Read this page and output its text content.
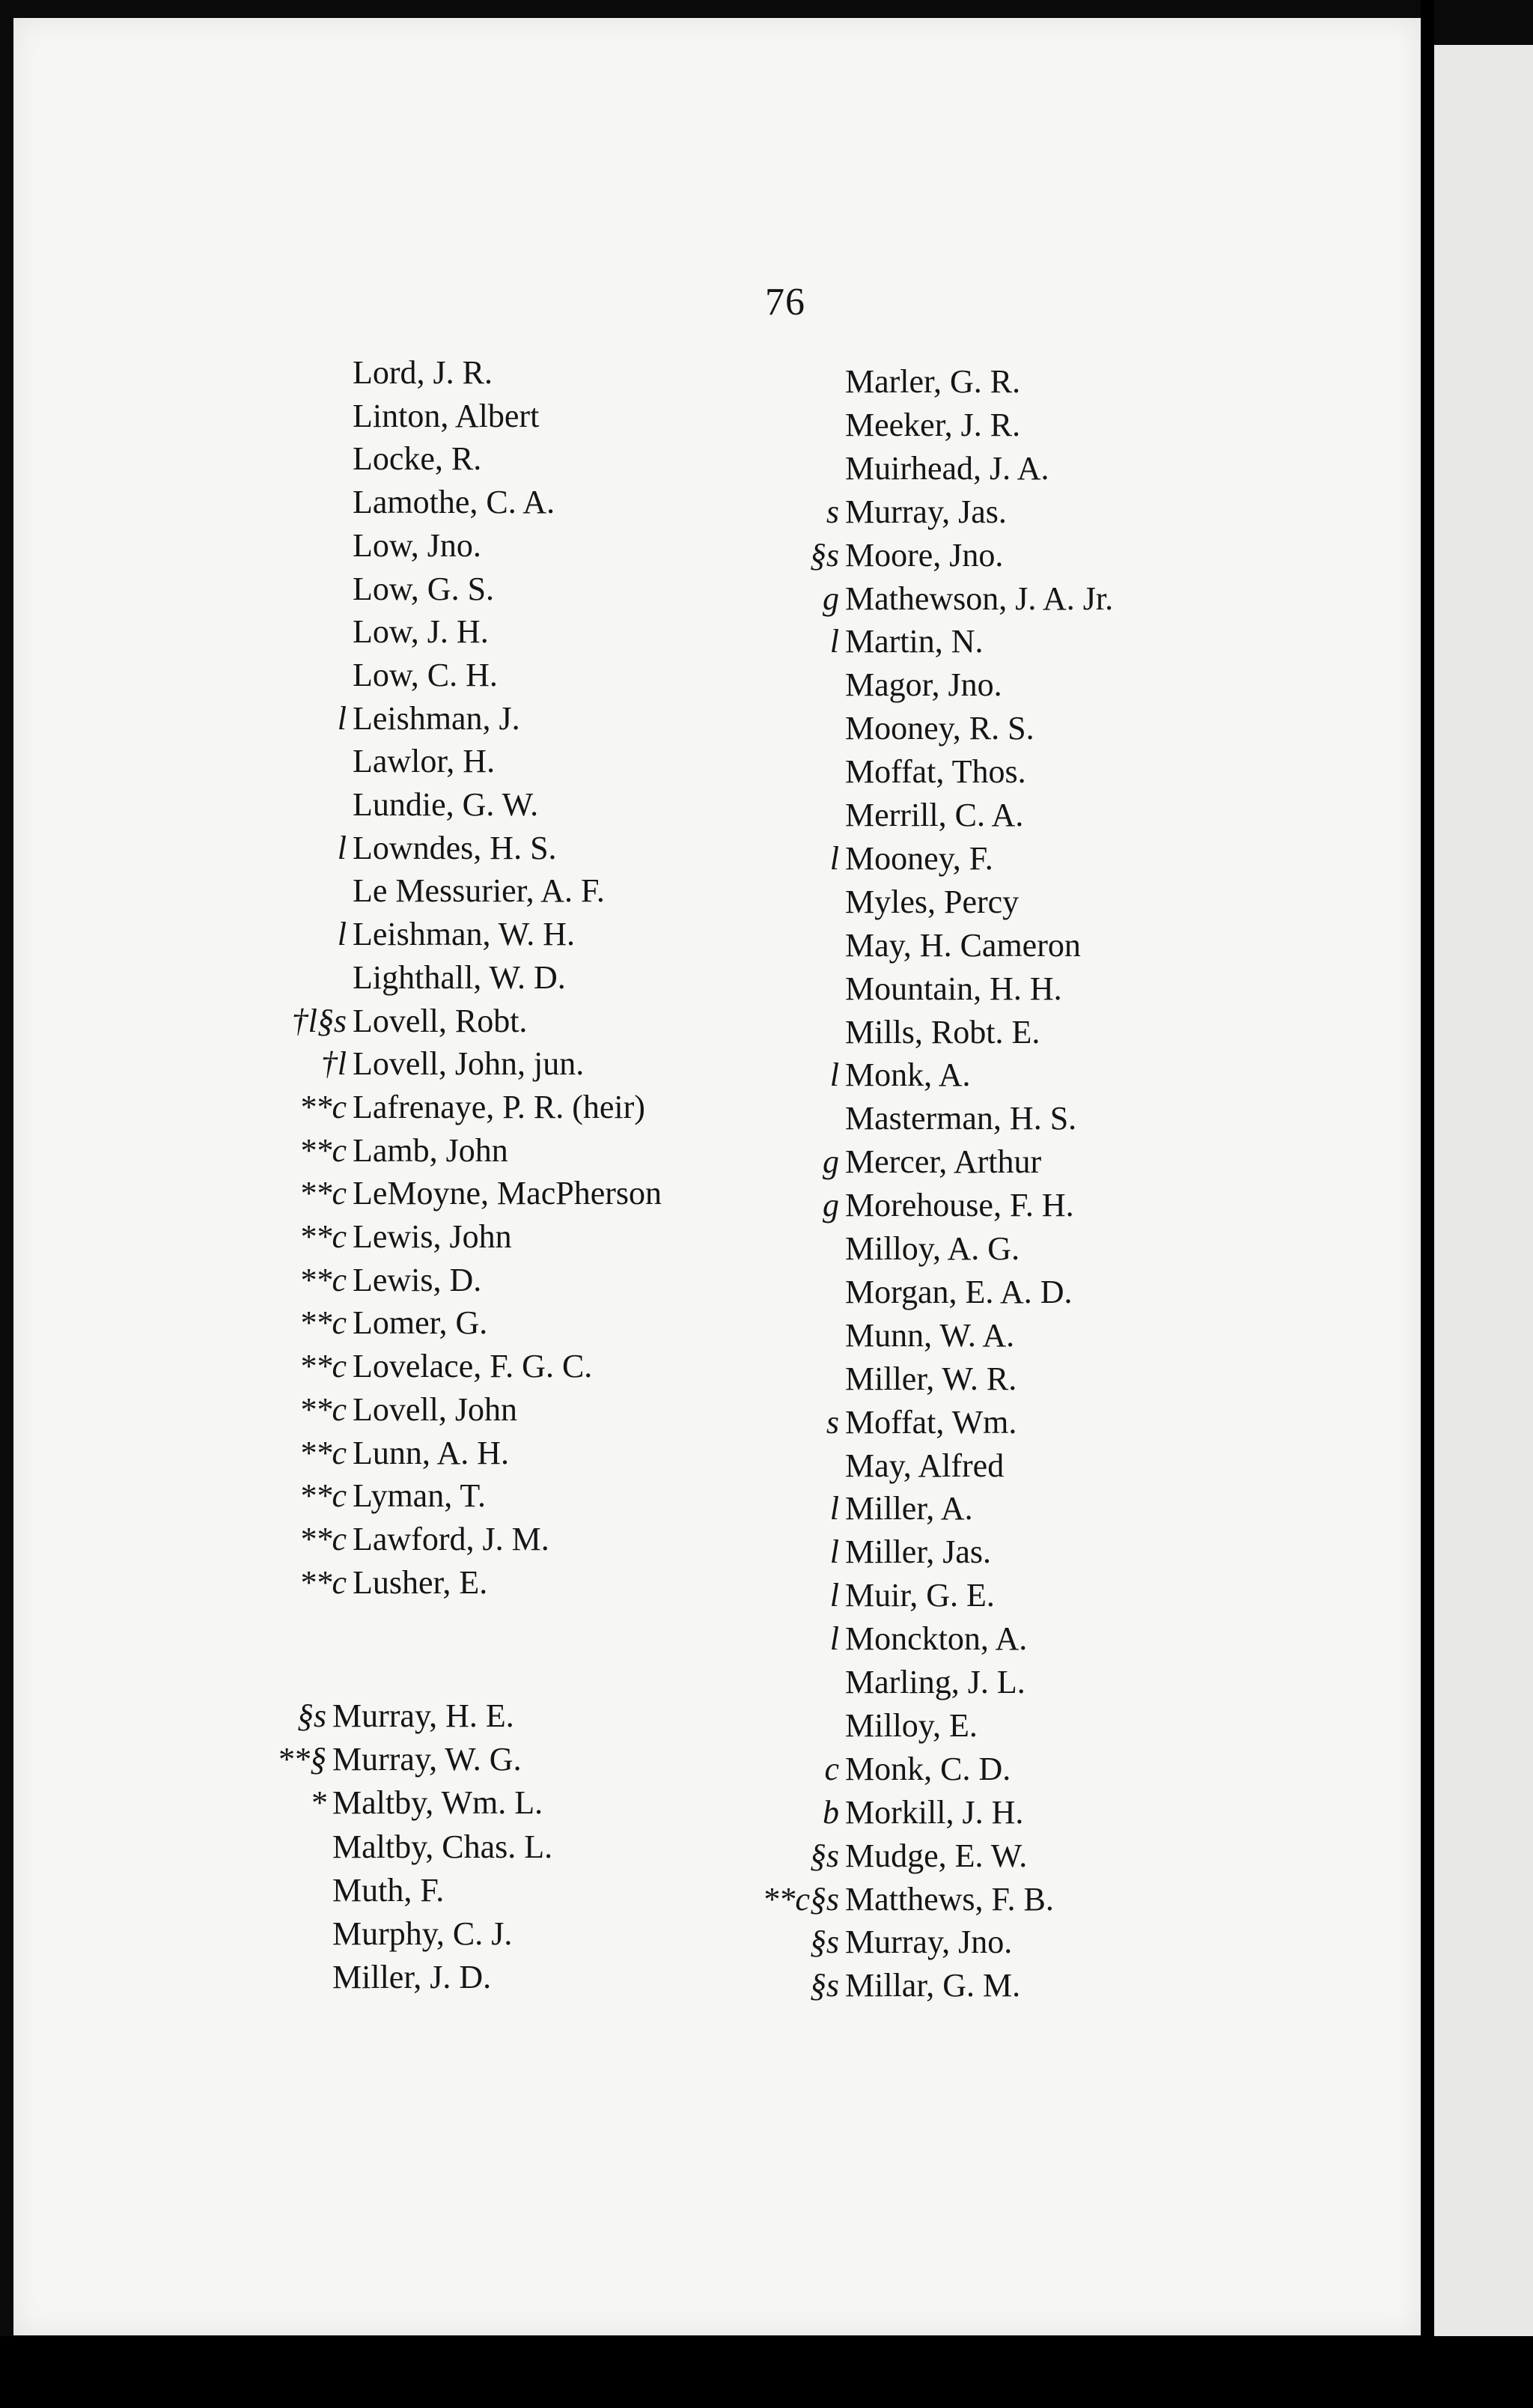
76
Lord, J. R.
Linton, Albert
Locke, R.
Lamothe, C. A.
Low, Jno.
Low, G. S.
Low, J. H.
Low, C. H.
l Leishman, J.
Lawlor, H.
Lundie, G. W.
l Lowndes, H. S.
Le Messurier, A. F.
l Leishman, W. H.
Lighthall, W. D.
†l§s Lovell, Robt.
†l Lovell, John, jun.
**c Lafrenaye, P. R. (heir)
**c Lamb, John
**c LeMoyne, MacPherson
**c Lewis, John
**c Lewis, D.
**c Lomer, G.
**c Lovelace, F. G. C.
**c Lovell, John
**c Lunn, A. H.
**c Lyman, T.
**c Lawford, J. M.
**c Lusher, E.
§s Murray, H. E.
**§ Murray, W. G.
* Maltby, Wm. L.
Maltby, Chas. L.
Muth, F.
Murphy, C. J.
Miller, J. D.
Marler, G. R.
Meeker, J. R.
Muirhead, J. A.
s Murray, Jas.
§s Moore, Jno.
g Mathewson, J. A. Jr.
l Martin, N.
Magor, Jno.
Mooney, R. S.
Moffat, Thos.
Merrill, C. A.
l Mooney, F.
Myles, Percy
May, H. Cameron
Mountain, H. H.
Mills, Robt. E.
l Monk, A.
Masterman, H. S.
g Mercer, Arthur
g Morehouse, F. H.
Milloy, A. G.
Morgan, E. A. D.
Munn, W. A.
Miller, W. R.
s Moffat, Wm.
May, Alfred
l Miller, A.
l Miller, Jas.
l Muir, G. E.
l Monckton, A.
Marling, J. L.
Milloy, E.
c Monk, C. D.
b Morkill, J. H.
§s Mudge, E. W.
**c§s Matthews, F. B.
§s Murray, Jno.
§s Millar, G. M.
